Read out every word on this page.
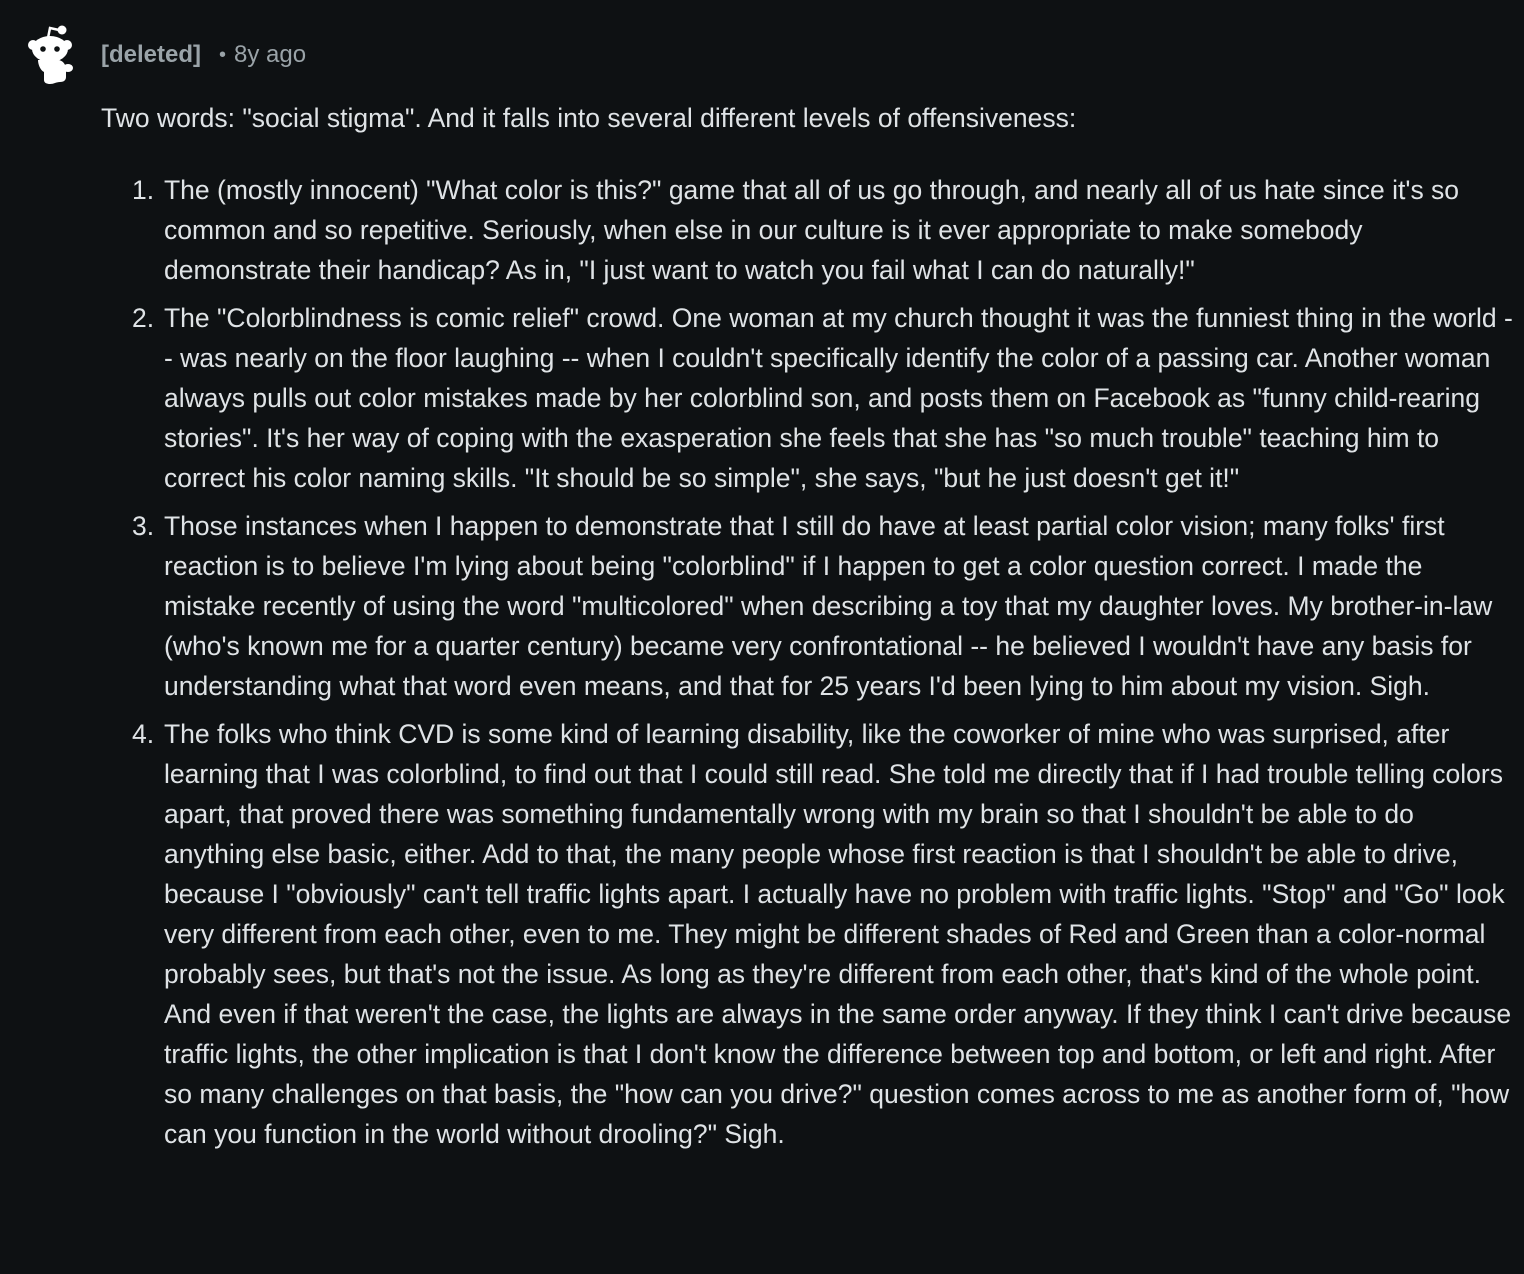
[deleted] • 8y ago

Two words: "social stigma". And it falls into several different levels of offensiveness:

1. The (mostly innocent) "What color is this?" game that all of us go through, and nearly all of us hate since it's so common and so repetitive. Seriously, when else in our culture is it ever appropriate to make somebody demonstrate their handicap? As in, "I just want to watch you fail what I can do naturally!"
2. The "Colorblindness is comic relief" crowd. One woman at my church thought it was the funniest thing in the world -- was nearly on the floor laughing -- when I couldn't specifically identify the color of a passing car. Another woman always pulls out color mistakes made by her colorblind son, and posts them on Facebook as "funny child-rearing stories". It's her way of coping with the exasperation she feels that she has "so much trouble" teaching him to correct his color naming skills. "It should be so simple", she says, "but he just doesn't get it!"
3. Those instances when I happen to demonstrate that I still do have at least partial color vision; many folks' first reaction is to believe I'm lying about being "colorblind" if I happen to get a color question correct. I made the mistake recently of using the word "multicolored" when describing a toy that my daughter loves. My brother-in-law (who's known me for a quarter century) became very confrontational -- he believed I wouldn't have any basis for understanding what that word even means, and that for 25 years I'd been lying to him about my vision. Sigh.
4. The folks who think CVD is some kind of learning disability, like the coworker of mine who was surprised, after learning that I was colorblind, to find out that I could still read. She told me directly that if I had trouble telling colors apart, that proved there was something fundamentally wrong with my brain so that I shouldn't be able to do anything else basic, either. Add to that, the many people whose first reaction is that I shouldn't be able to drive, because I "obviously" can't tell traffic lights apart. I actually have no problem with traffic lights. "Stop" and "Go" look very different from each other, even to me. They might be different shades of Red and Green than a color-normal probably sees, but that's not the issue. As long as they're different from each other, that's kind of the whole point. And even if that weren't the case, the lights are always in the same order anyway. If they think I can't drive because traffic lights, the other implication is that I don't know the difference between top and bottom, or left and right. After so many challenges on that basis, the "how can you drive?" question comes across to me as another form of, "how can you function in the world without drooling?" Sigh.
